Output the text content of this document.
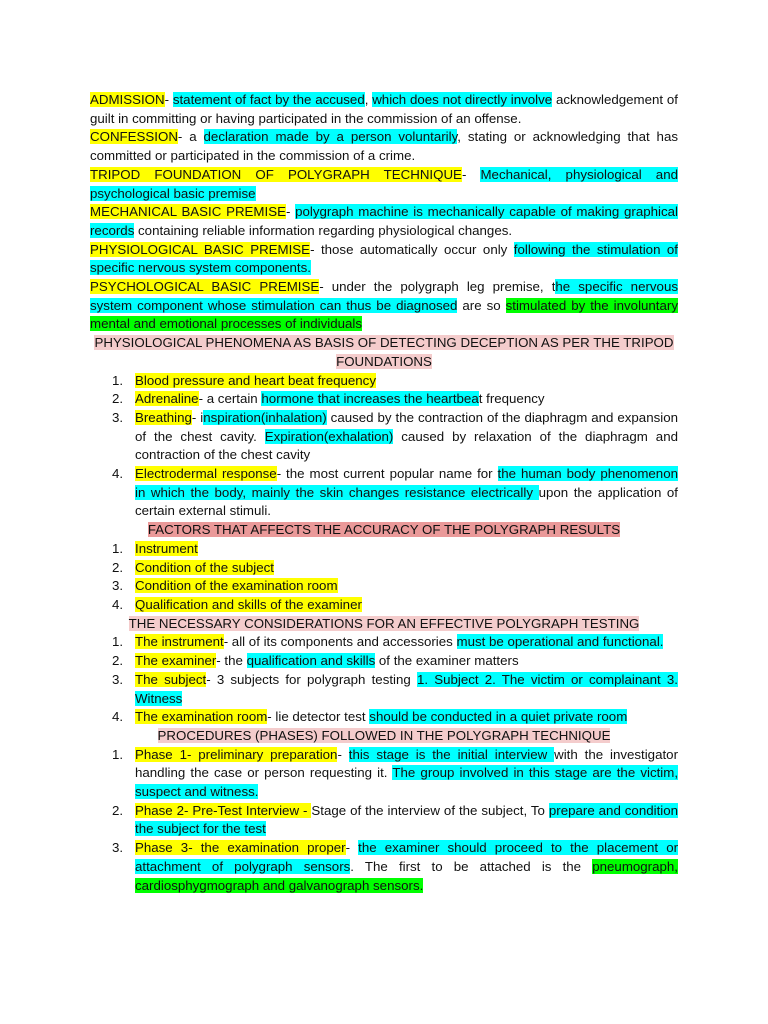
ADMISSION- statement of fact by the accused, which does not directly involve acknowledgement of guilt in committing or having participated in the commission of an offense.

CONFESSION- a declaration made by a person voluntarily, stating or acknowledging that has committed or participated in the commission of a crime.

TRIPOD FOUNDATION OF POLYGRAPH TECHNIQUE- Mechanical, physiological and psychological basic premise

MECHANICAL BASIC PREMISE- polygraph machine is mechanically capable of making graphical records containing reliable information regarding physiological changes.

PHYSIOLOGICAL BASIC PREMISE- those automatically occur only following the stimulation of specific nervous system components.

PSYCHOLOGICAL BASIC PREMISE- under the polygraph leg premise, the specific nervous system component whose stimulation can thus be diagnosed are so stimulated by the involuntary mental and emotional processes of individuals

PHYSIOLOGICAL PHENOMENA AS BASIS OF DETECTING DECEPTION AS PER THE TRIPOD FOUNDATIONS

1. Blood pressure and heart beat frequency
2. Adrenaline- a certain hormone that increases the heartbeat frequency
3. Breathing- inspiration(inhalation) caused by the contraction of the diaphragm and expansion of the chest cavity. Expiration(exhalation) caused by relaxation of the diaphragm and contraction of the chest cavity
4. Electrodermal response- the most current popular name for the human body phenomenon in which the body, mainly the skin changes resistance electrically upon the application of certain external stimuli.

FACTORS THAT AFFECTS THE ACCURACY OF THE POLYGRAPH RESULTS

1. Instrument
2. Condition of the subject
3. Condition of the examination room
4. Qualification and skills of the examiner

THE NECESSARY CONSIDERATIONS FOR AN EFFECTIVE POLYGRAPH TESTING

1. The instrument- all of its components and accessories must be operational and functional.
2. The examiner- the qualification and skills of the examiner matters
3. The subject- 3 subjects for polygraph testing 1. Subject 2. The victim or complainant 3. Witness
4. The examination room- lie detector test should be conducted in a quiet private room

PROCEDURES (PHASES) FOLLOWED IN THE POLYGRAPH TECHNIQUE

1. Phase 1- preliminary preparation- this stage is the initial interview with the investigator handling the case or person requesting it. The group involved in this stage are the victim, suspect and witness.
2. Phase 2- Pre-Test Interview - Stage of the interview of the subject, To prepare and condition the subject for the test
3. Phase 3- the examination proper- the examiner should proceed to the placement or attachment of polygraph sensors. The first to be attached is the pneumograph, cardiosphygmograph and galvanograph sensors.
